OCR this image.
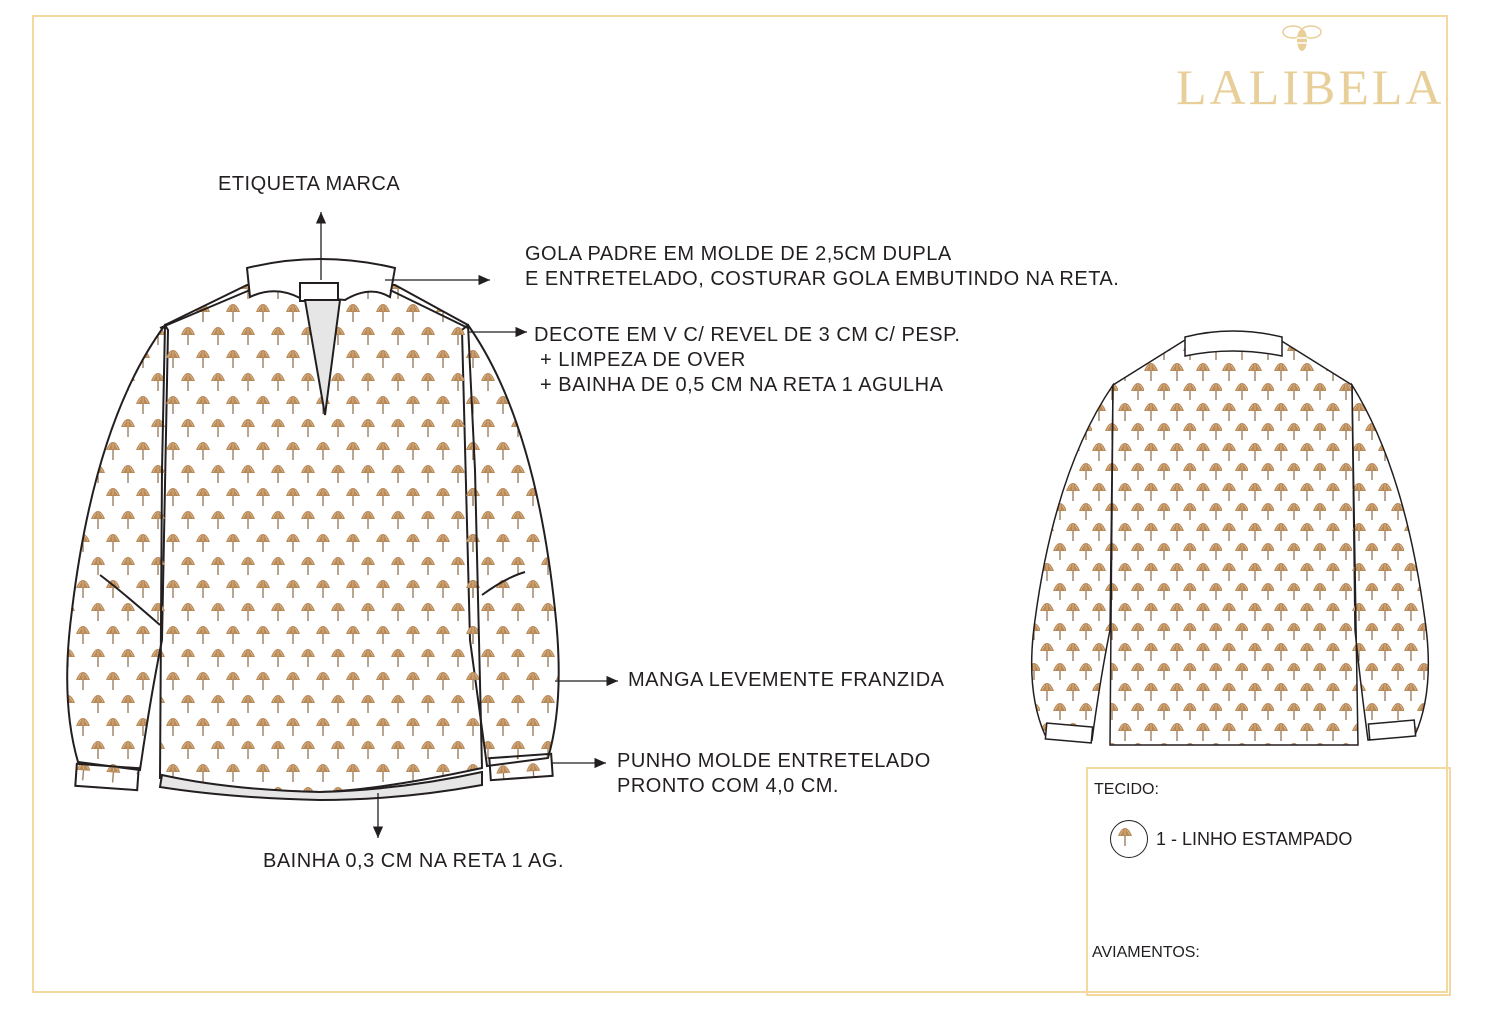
LALIBELA

ETIQUETA MARCA

GOLA PADRE EM MOLDE DE 2,5CM DUPLA

E ENTRETELADO, COSTURAR GOLA EMBUTINDO NA RETA.

DECOTE EM V C/ REVEL DE 3 CM C/ PESP.

+ LIMPEZA DE OVER

+ BAINHA DE 0,5 CM NA RETA 1 AGULHA

MANGA LEVEMENTE FRANZIDA

PUNHO MOLDE ENTRETELADO

PRONTO COM 4,0 CM.

BAINHA 0,3 CM NA RETA 1 AG.

TECIDO:
1 - LINHO ESTAMPADO
AVIAMENTOS:
